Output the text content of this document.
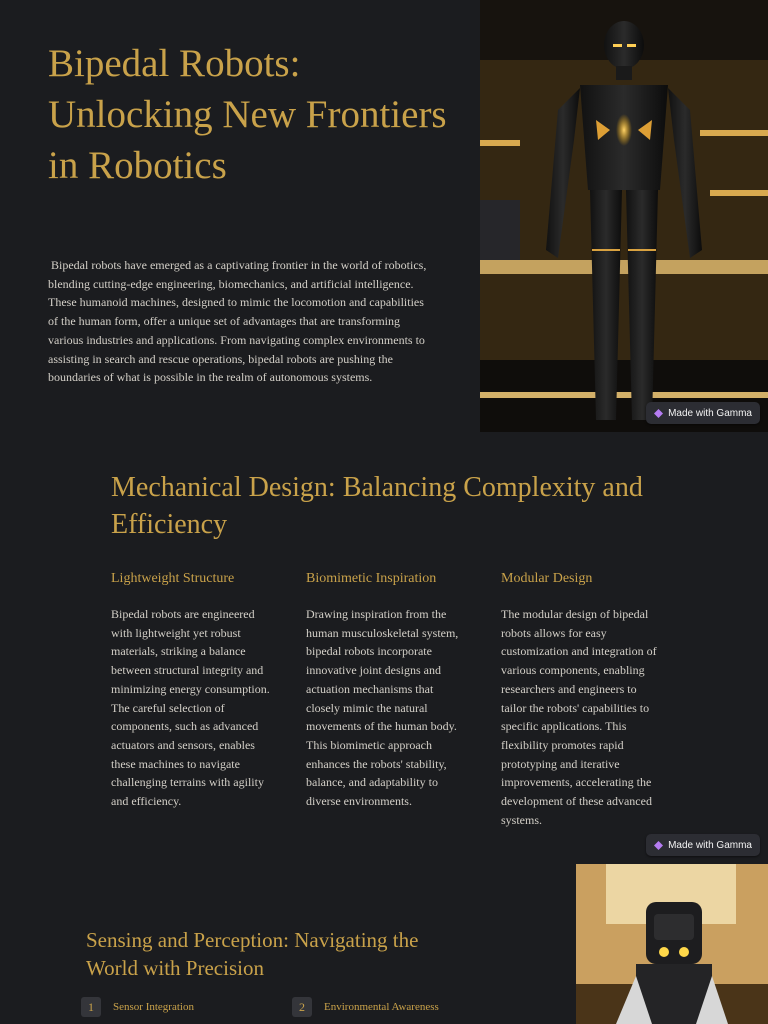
Bipedal Robots: Unlocking New Frontiers in Robotics

Bipedal robots have emerged as a captivating frontier in the world of robotics, blending cutting-edge engineering, biomechanics, and artificial intelligence. These humanoid machines, designed to mimic the locomotion and capabilities of the human form, offer a unique set of advantages that are transforming various industries and applications. From navigating complex environments to assisting in search and rescue operations, bipedal robots are pushing the boundaries of what is possible in the realm of autonomous systems.

Made with Gamma
Mechanical Design: Balancing Complexity and Efficiency
Lightweight Structure

Bipedal robots are engineered with lightweight yet robust materials, striking a balance between structural integrity and minimizing energy consumption. The careful selection of components, such as advanced actuators and sensors, enables these machines to navigate challenging terrains with agility and efficiency.

Biomimetic Inspiration

Drawing inspiration from the human musculoskeletal system, bipedal robots incorporate innovative joint designs and actuation mechanisms that closely mimic the natural movements of the human body. This biomimetic approach enhances the robots' stability, balance, and adaptability to diverse environments.

Modular Design

The modular design of bipedal robots allows for easy customization and integration of various components, enabling researchers and engineers to tailor the robots' capabilities to specific applications. This flexibility promotes rapid prototyping and iterative improvements, accelerating the development of these advanced systems.

Made with Gamma
Sensing and Perception: Navigating the World with Precision
1	Sensor Integration	2	Environmental Awareness
